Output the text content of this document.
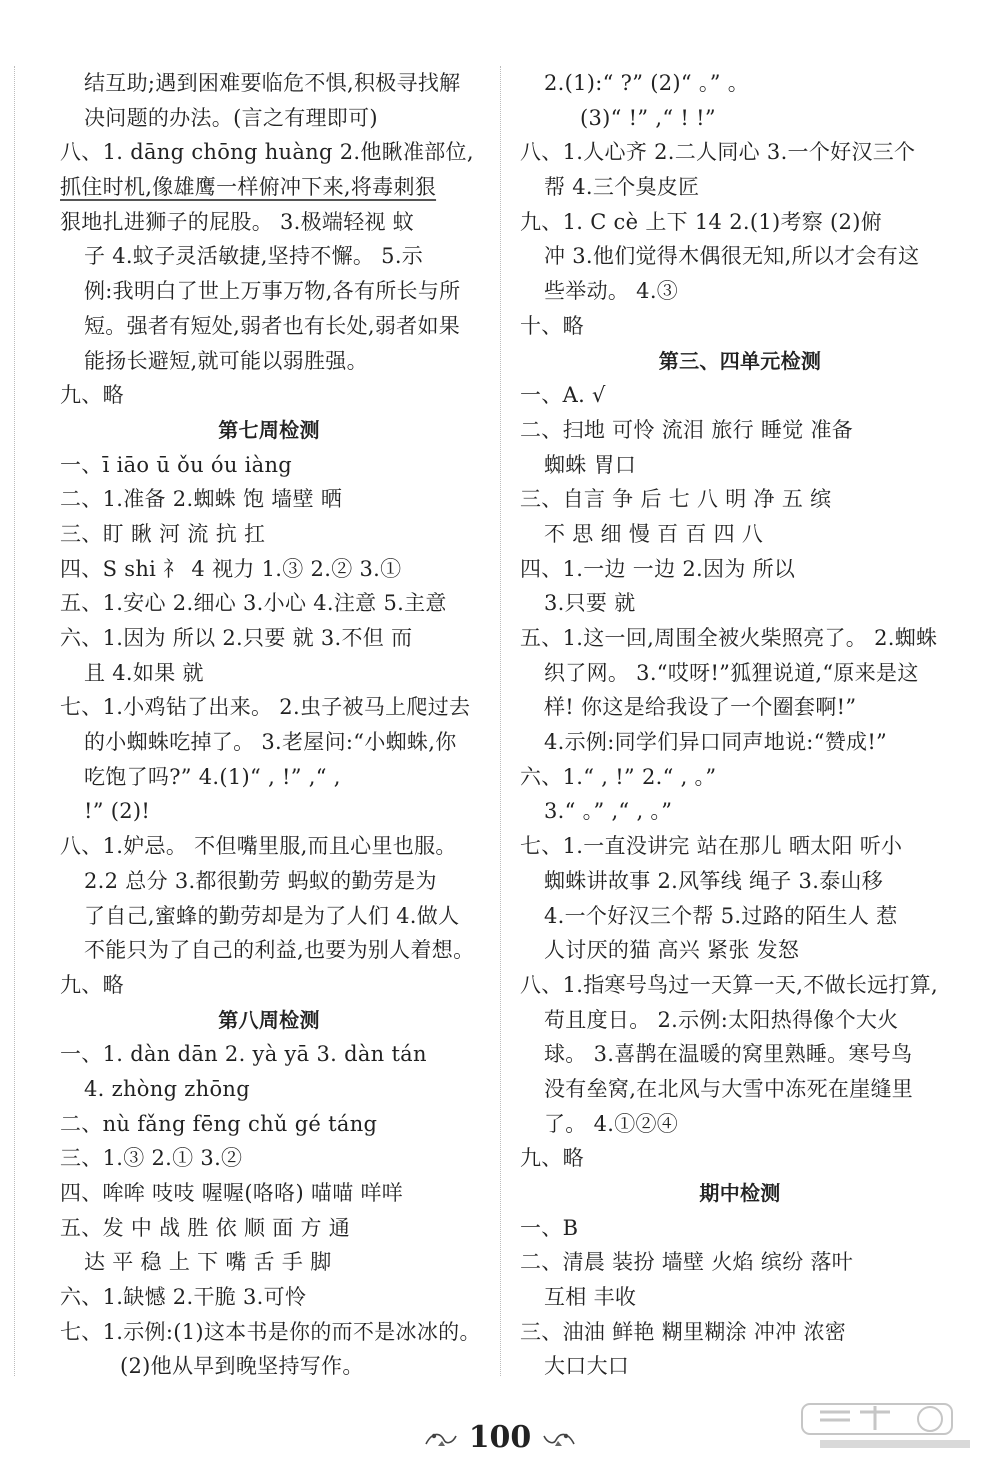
结互助;遇到困难要临危不惧,积极寻找解
决问题的办法。(言之有理即可)
八、1. dāng chōng huàng 2.他瞅准部位,
抓住时机,像雄鹰一样俯冲下来,将毒刺狠
狠地扎进狮子的屁股。 3.极端轻视 蚊
子 4.蚊子灵活敏捷,坚持不懈。 5.示
例:我明白了世上万事万物,各有所长与所
短。强者有短处,弱者也有长处,弱者如果
能扬长避短,就可能以弱胜强。
九、略
第七周检测
一、ī iāo ū ǒu óu iàng
二、1.准备 2.蜘蛛 饱 墙壁 晒
三、盯 瞅 河 流 抗 扛
四、S shi 礻 4 视力 1.③ 2.② 3.①
五、1.安心 2.细心 3.小心 4.注意 5.主意
六、1.因为 所以 2.只要 就 3.不但 而
且 4.如果 就
七、1.小鸡钻了出来。 2.虫子被马上爬过去
的小蜘蛛吃掉了。 3.老屋问:“小蜘蛛,你
吃饱了吗?” 4.(1)“ , !” ,“ ,
!” (2)!
八、1.妒忌。 不但嘴里服,而且心里也服。
2.2 总分 3.都很勤劳 蚂蚁的勤劳是为
了自己,蜜蜂的勤劳却是为了人们 4.做人
不能只为了自己的利益,也要为别人着想。
九、略
第八周检测
一、1. dàn dān 2. yà yā 3. dàn tán
4. zhòng zhōng
二、nù fǎng fēng chǔ gé táng
三、1.③ 2.① 3.②
四、哞哞 吱吱 喔喔(咯咯) 喵喵 咩咩
五、发 中 战 胜 依 顺 面 方 通
达 平 稳 上 下 嘴 舌 手 脚
六、1.缺憾 2.干脆 3.可怜
七、1.示例:(1)这本书是你的而不是冰冰的。
(2)他从早到晚坚持写作。
2.(1):“ ?” (2)“ 。” 。
(3)“ !” ,“ ! !”
八、1.人心齐 2.二人同心 3.一个好汉三个
帮 4.三个臭皮匠
九、1. C cè 上下 14 2.(1)考察 (2)俯
冲 3.他们觉得木偶很无知,所以才会有这
些举动。 4.③
十、略
第三、四单元检测
一、A. √
二、扫地 可怜 流泪 旅行 睡觉 准备
蜘蛛 胃口
三、自言 争 后 七 八 明 净 五 缤
不 思 细 慢 百 百 四 八
四、1.一边 一边 2.因为 所以
3.只要 就
五、1.这一回,周围全被火柴照亮了。 2.蜘蛛
织了网。 3.“哎呀!”狐狸说道,“原来是这
样! 你这是给我设了一个圈套啊!”
4.示例:同学们异口同声地说:“赞成!”
六、1.“ , !” 2.“ , 。”
3.“ 。” ,“ , 。”
七、1.一直没讲完 站在那儿 晒太阳 听小
蜘蛛讲故事 2.风筝线 绳子 3.泰山移
4.一个好汉三个帮 5.过路的陌生人 惹
人讨厌的猫 高兴 紧张 发怒
八、1.指寒号鸟过一天算一天,不做长远打算,
苟且度日。 2.示例:太阳热得像个大火
球。 3.喜鹊在温暖的窝里熟睡。寒号鸟
没有垒窝,在北风与大雪中冻死在崖缝里
了。 4.①②④
九、略
期中检测
一、B
二、清晨 装扮 墙壁 火焰 缤纷 落叶
互相 丰收
三、油油 鲜艳 糊里糊涂 冲冲 浓密
大口大口
100
